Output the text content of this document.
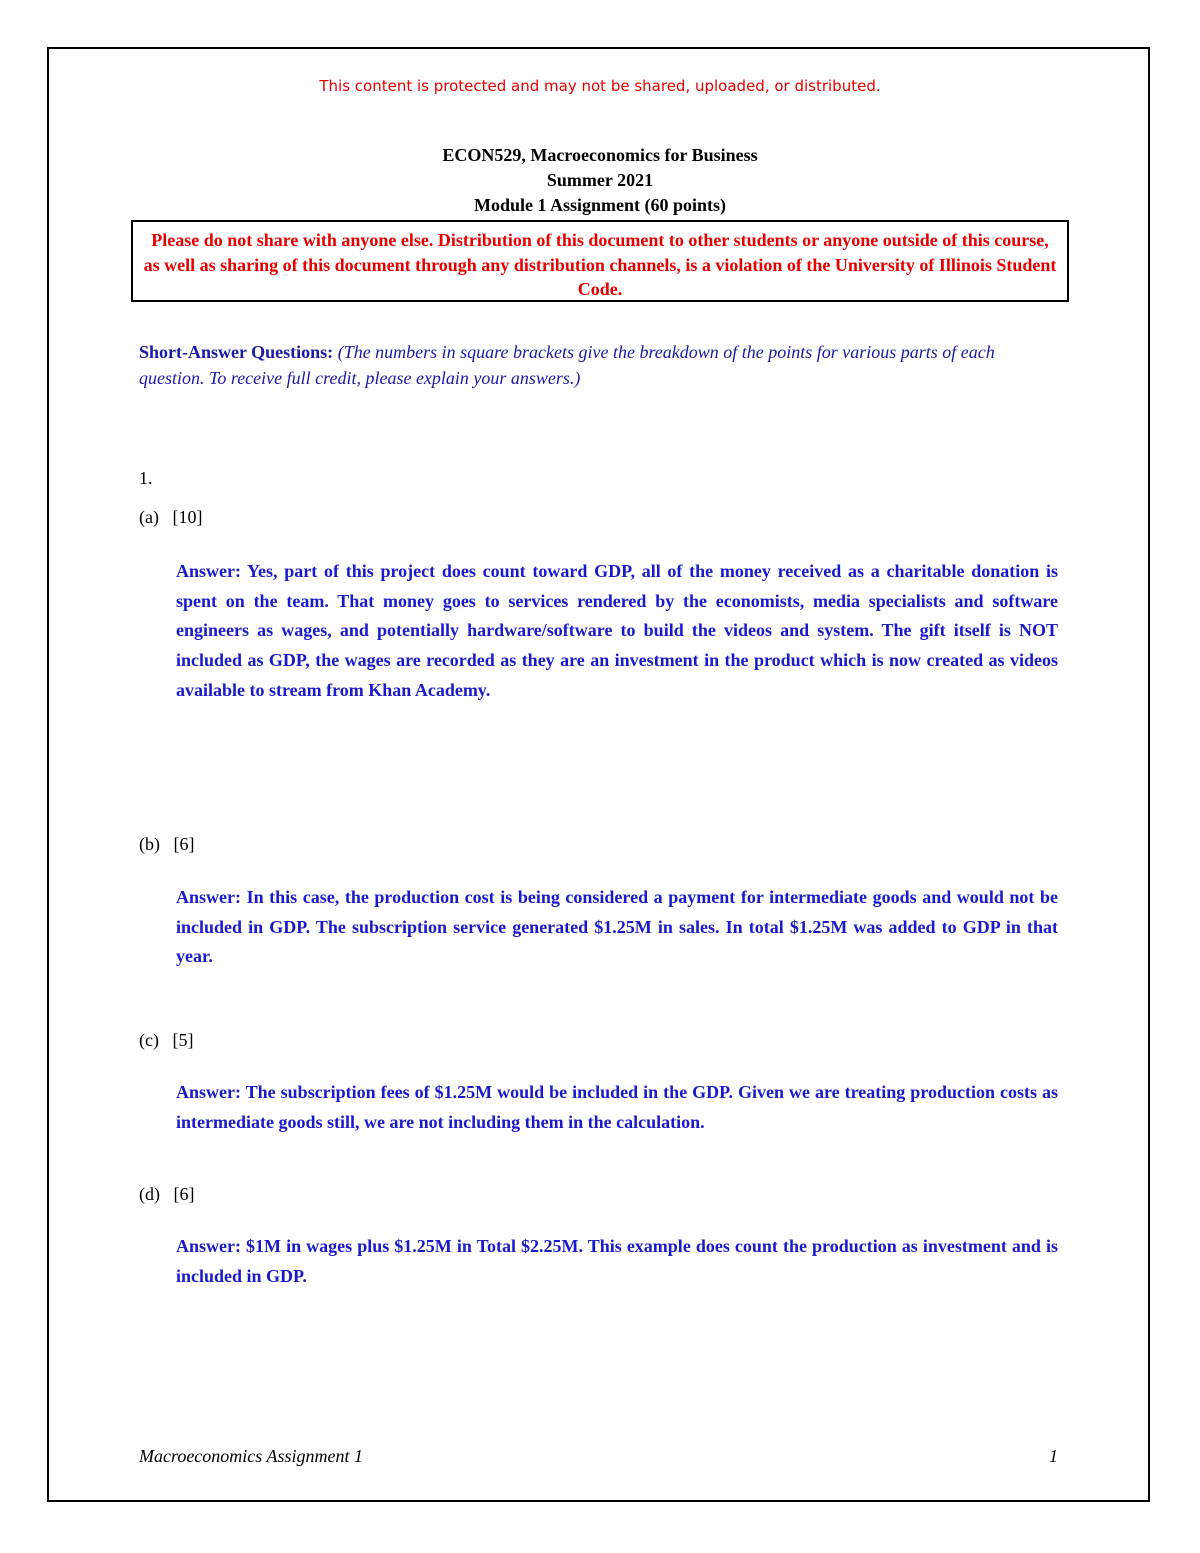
This content is protected and may not be shared, uploaded, or distributed.
ECON529, Macroeconomics for Business
Summer 2021
Module 1 Assignment (60 points)
Please do not share with anyone else. Distribution of this document to other students or anyone outside of this course, as well as sharing of this document through any distribution channels, is a violation of the University of Illinois Student Code.
Short-Answer Questions: (The numbers in square brackets give the breakdown of the points for various parts of each question. To receive full credit, please explain your answers.)
1.
(a)   [10]
Answer: Yes, part of this project does count toward GDP, all of the money received as a charitable donation is spent on the team. That money goes to services rendered by the economists, media specialists and software engineers as wages, and potentially hardware/software to build the videos and system. The gift itself is NOT included as GDP, the wages are recorded as they are an investment in the product which is now created as videos available to stream from Khan Academy.
(b)   [6]
Answer: In this case, the production cost is being considered a payment for intermediate goods and would not be included in GDP. The subscription service generated $1.25M in sales. In total $1.25M was added to GDP in that year.
(c)   [5]
Answer: The subscription fees of $1.25M would be included in the GDP. Given we are treating production costs as intermediate goods still, we are not including them in the calculation.
(d)   [6]
Answer: $1M in wages plus $1.25M in Total $2.25M. This example does count the production as investment and is included in GDP.
Macroeconomics Assignment 1	1
